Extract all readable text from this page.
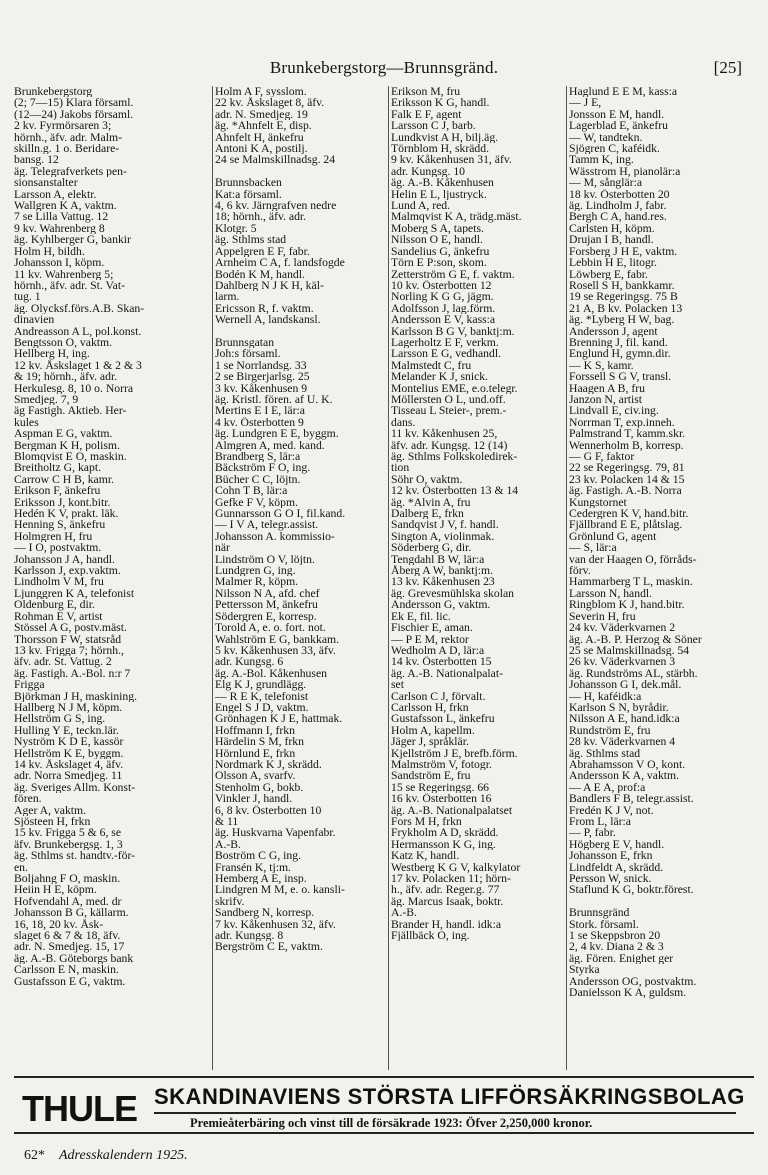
Brunkebergstorg—Brunnsgränd.	[25]
Brunkebergstorg
(2; 7—15) Klara församl.
(12—24) Jakobs församl.
2 kv. Fyrmörsaren 3;
hörnh., äfv. adr. Malm-
skilln.g. 1 o. Beridare-
bansg. 12
äg. Telegrafverkets pen-
sionsanstalter
Larsson A, elektr.
Wallgren K A, vaktm.
7 se Lilla Vattug. 12
9 kv. Wahrenberg 8
äg. Kyhlberger G, bankir
Holm H, bildh.
Johansson I, köpm.
11 kv. Wahrenberg 5;
hörnh., äfv. adr. St. Vat-
tug. 1
äg. Olycksf.förs.A.B. Skan-
dinavien
Andreasson A L, pol.konst.
Bengtsson O, vaktm.
Hellberg H, ing.
12 kv. Åskslaget 1 & 2 & 3
& 19; hörnh., äfv. adr.
Herkulesg. 8, 10 o. Norra
Smedjeg. 7, 9
äg Fastigh. Aktieb. Her-
kules
Aspman E G, vaktm.
Bergman K H, polism.
Blomqvist E O, maskin.
Breitholtz G, kapt.
Carrow C H B, kamr.
Erikson F, änkefru
Eriksson J, kont.bitr.
Hedén K V, prakt. läk.
Henning S, änkefru
Holmgren H, fru
— I O, postvaktm.
Johansson J A, handl.
Karlsson J, exp.vaktm.
Lindholm V M, fru
Ljunggren K A, telefonist
Oldenburg E, dir.
Rohman E V, artist
Stössel A G, postv.mäst.
Thorsson F W, statsråd
13 kv. Frigga 7; hörnh.,
äfv. adr. St. Vattug. 2
äg. Fastigh. A.-Bol. n:r 7
Frigga
Björkman J H, maskining.
Hallberg N J M, köpm.
Hellström G S, ing.
Hulling Y E, teckn.lär.
Nyström K D E, kassör
Hellström K E, byggm.
14 kv. Åskslaget 4, äfv.
adr. Norra Smedjeg. 11
äg. Sveriges Allm. Konst-
fören.
Ager A, vaktm.
Sjösteen H, frkn
15 kv. Frigga 5 & 6, se
äfv. Brunkebergsg. 1, 3
äg. Sthlms st. handtv.-för-
en.
Boljahng F O, maskin.
Heiin H E, köpm.
Hofvendahl A, med. dr
Johansson B G, källarm.
16, 18, 20 kv. Åsk-
slaget 6 & 7 & 18, äfv.
adr. N. Smedjeg. 15, 17
äg. A.-B. Göteborgs bank
Carlsson E N, maskin.
Gustafsson E G, vaktm.
Holm A F, sysslom.
22 kv. Åskslaget 8, äfv.
adr. N. Smedjeg. 19
äg. *Ahnfelt E, disp.
Ahnfelt H, änkefru
Antoni K A, postilj.
24 se Malmskillnadsg. 24

Brunnsbacken
Kat:a församl.
4, 6 kv. Järngrafven nedre
18; hörnh., äfv. adr.
Klotgr. 5
äg. Sthlms stad
Appelgren E F, fabr.
Arnheim C A, f. landsfogde
Bodén K M, handl.
Dahlberg N J K H, käl-
larm.
Ericsson R, f. vaktm.
Wernell A, landskansl.

Brunnsgatan
Joh:s församl.
1 se Norrlandsg. 33
2 se Birgerjarlsg. 25
3 kv. Kåkenhusen 9
äg. Kristl. fören. af U. K.
Mertins E I E, lär:a
4 kv. Österbotten 9
äg. Lundgren E E, byggm.
Almgren A, med. kand.
Brandberg S, lär:a
Bäckström F O, ing.
Bücher C C, löjtn.
Cohn T B, lär:a
Gefke F V, köpm.
Gunnarsson G O I, fil.kand.
— I V A, telegr.assist.
Johansson A. kommissio-
när
Lindström O V, löjtn.
Lundgren G, ing.
Malmer R, köpm.
Nilsson N A, afd. chef
Pettersson M, änkefru
Södergren E, korresp.
Torold A, e. o. fort. not.
Wahlström E G, bankkam.
5 kv. Kåkenhusen 33, äfv.
adr. Kungsg. 6
äg. A.-Bol. Kåkenhusen
Elg K J, grundlägg.
— R E K, telefonist
Engel S J D, vaktm.
Grönhagen K J E, hattmak.
Hoffmann I, frkn
Härdelin S M, frkn
Hörnlund E, frkn
Nordmark K J, skrädd.
Olsson A, svarfv.
Stenholm G, bokb.
Vinkler J, handl.
6, 8 kv. Österbotten 10
& 11
äg. Huskvarna Vapenfabr.
A.-B.
Boström C G, ing.
Fransén K, tj:m.
Hemberg A E, insp.
Lindgren M M, e. o. kansli-
skrifv.
Sandberg N, korresp.
7 kv. Kåkenhusen 32, äfv.
adr. Kungsg. 8
Bergström C E, vaktm.
Erikson M, fru
Eriksson K G, handl.
Falk E F, agent
Larsson C J, barb.
Lundkvist A H, bilj.äg.
Törnblom H, skrädd.
9 kv. Kåkenhusen 31, äfv.
adr. Kungsg. 10
äg. A.-B. Kåkenhusen
Helin E L, ljustryck.
Lund A, red.
Malmqvist K A, trädg.mäst.
Moberg S A, tapets.
Nilsson O E, handl.
Sandelius G, änkefru
Törn E P:son, skom.
Zetterström G E, f. vaktm.
10 kv. Österbotten 12
Norling K G G, jägm.
Adolfsson J, lag.förm.
Andersson E V, kass:a
Karlsson B G V, banktj:m.
Lagerholtz E F, verkm.
Larsson E G, vedhandl.
Malmstedt C, fru
Melander K J, snick.
Montelius EME, e.o.telegr.
Möllersten O L, und.off.
Tisseau L Steier-, prem.-
dans.
11 kv. Kåkenhusen 25,
äfv. adr. Kungsg. 12 (14)
äg. Sthlms Folkskoledirek-
tion
Söhr O, vaktm.
12 kv. Österbotten 13 & 14
äg. *Alvin A, fru
Dalberg E, frkn
Sandqvist J V, f. handl.
Sington A, violinmak.
Söderberg G, dir.
Tengdahl B W, lär:a
Åberg A W, banktj:m.
13 kv. Kåkenhusen 23
äg. Grevesmühlska skolan
Andersson G, vaktm.
Ek E, fil. lic.
Fischier E, aman.
— P E M, rektor
Wedholm A D, lär:a
14 kv. Österbotten 15
äg. A.-B. Nationalpalat-
set
Carlson C J, förvalt.
Carlsson H, frkn
Gustafsson L, änkefru
Holm A, kapellm.
Jäger J, språklär.
Kjellström J E, brefb.förm.
Malmström V, fotogr.
Sandström E, fru
15 se Regeringsg. 66
16 kv. Österbotten 16
äg. A.-B. Nationalpalatset
Fors M H, frkn
Frykholm A D, skrädd.
Hermansson K G, ing.
Katz K, handl.
Westberg K G V, kalkylator
17 kv. Polacken 11; hörn-
h., äfv. adr. Reger.g. 77
äg. Marcus Isaak, boktr.
A.-B.
Brander H, handl. idk:a
Fjällbäck O, ing.
Haglund E E M, kass:a
— J E,
Jonsson E M, handl.
Lagerblad E, änkefru
— W, tandtekn.
Sjögren C, kaféidk.
Tamm K, ing.
Wässtrom H, pianolär:a
— M, sånglär:a
18 kv. Österbotten 20
äg. Lindholm J, fabr.
Bergh C A, hand.res.
Carlsten H, köpm.
Drujan I B, handl.
Forsberg J H E, vaktm.
Lebbin H E, litogr.
Löwberg E, fabr.
Rosell S H, bankkamr.
19 se Regeringsg. 75 B
21 A, B kv. Polacken 13
äg. *Lyberg H W, bag.
Andersson J, agent
Brenning J, fil. kand.
Englund H, gymn.dir.
— K S, kamr.
Forssell S G V, transl.
Haagen A B, fru
Janzon N, artist
Lindvall E, civ.ing.
Norrman T, exp.inneh.
Palmstrand T, kamm.skr.
Wennerholm B, korresp.
— G F, faktor
22 se Regeringsg. 79, 81
23 kv. Polacken 14 & 15
äg. Fastigh. A.-B. Norra
Kungstornet
Cedergren K V, hand.bitr.
Fjällbrand E E, plåtslag.
Grönlund G, agent
— S, lär:a
van der Haagen O, förråds-
förv.
Hammarberg T L, maskin.
Larsson N, handl.
Ringblom K J, hand.bitr.
Severin H, fru
24 kv. Väderkvarnen 2
äg. A.-B. P. Herzog & Söner
25 se Malmskillnadsg. 54
26 kv. Väderkvarnen 3
äg. Rundströms AL, stärbh.
Johansson G I, dek.mål.
— H, kaféidk:a
Karlson S N, byrådir.
Nilsson A E, hand.idk:a
Rundström E, fru
28 kv. Väderkvarnen 4
äg. Sthlms stad
Abrahamsson V O, kont.
Andersson K A, vaktm.
— A E A, prof:a
Bandlers F B, telegr.assist.
Fredén K J V, not.
From L, lär:a
— P, fabr.
Högberg E V, handl.
Johansson E, frkn
Lindfeldt A, skrädd.
Persson W, snick.
Staflund K G, boktr.förest.

Brunnsgränd
Stork. församl.
1 se Skeppsbron 20
2, 4 kv. Diana 2 & 3
äg. Fören. Enighet ger
Styrka
Andersson OG, postvaktm.
Danielsson K A, guldsm.
THULE SKANDINAVIENS STÖRSTA LIFFÖRSÄKRINGSBOLAG
Premieåterbäring och vinst till de försäkrade 1923: Öfver 2,250,000 kronor.
62* Adresskalendern 1925.
